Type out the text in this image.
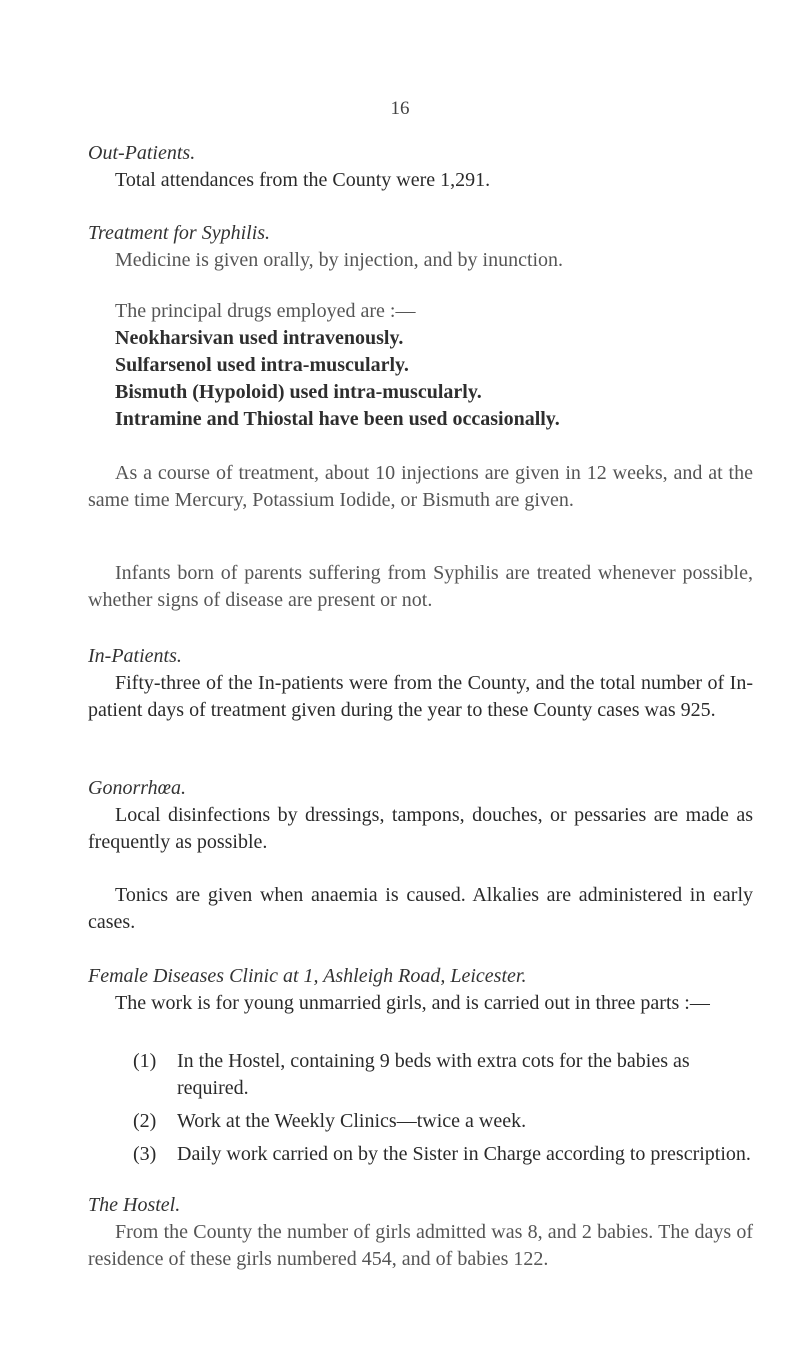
16

Out-Patients.

Total attendances from the County were 1,291.

Treatment for Syphilis.

Medicine is given orally, by injection, and by inunction.

The principal drugs employed are :—

Neokharsivan used intravenously.
Sulfarsenol used intra-muscularly.
Bismuth (Hypoloid) used intra-muscularly.
Intramine and Thiostal have been used occasionally.

As a course of treatment, about 10 injections are given in 12 weeks, and at the same time Mercury, Potassium Iodide, or Bismuth are given.

Infants born of parents suffering from Syphilis are treated whenever possible, whether signs of disease are present or not.

In-Patients.

Fifty-three of the In-patients were from the County, and the total number of In-patient days of treatment given during the year to these County cases was 925.

Gonorrhœa.

Local disinfections by dressings, tampons, douches, or pessaries are made as frequently as possible.

Tonics are given when anaemia is caused. Alkalies are administered in early cases.

Female Diseases Clinic at 1, Ashleigh Road, Leicester.

The work is for young unmarried girls, and is carried out in three parts :—

(1)	In the Hostel, containing 9 beds with extra cots for the babies as required.
(2)	Work at the Weekly Clinics—twice a week.
(3)	Daily work carried on by the Sister in Charge according to prescription.

The Hostel.

From the County the number of girls admitted was 8, and 2 babies. The days of residence of these girls numbered 454, and of babies 122.
